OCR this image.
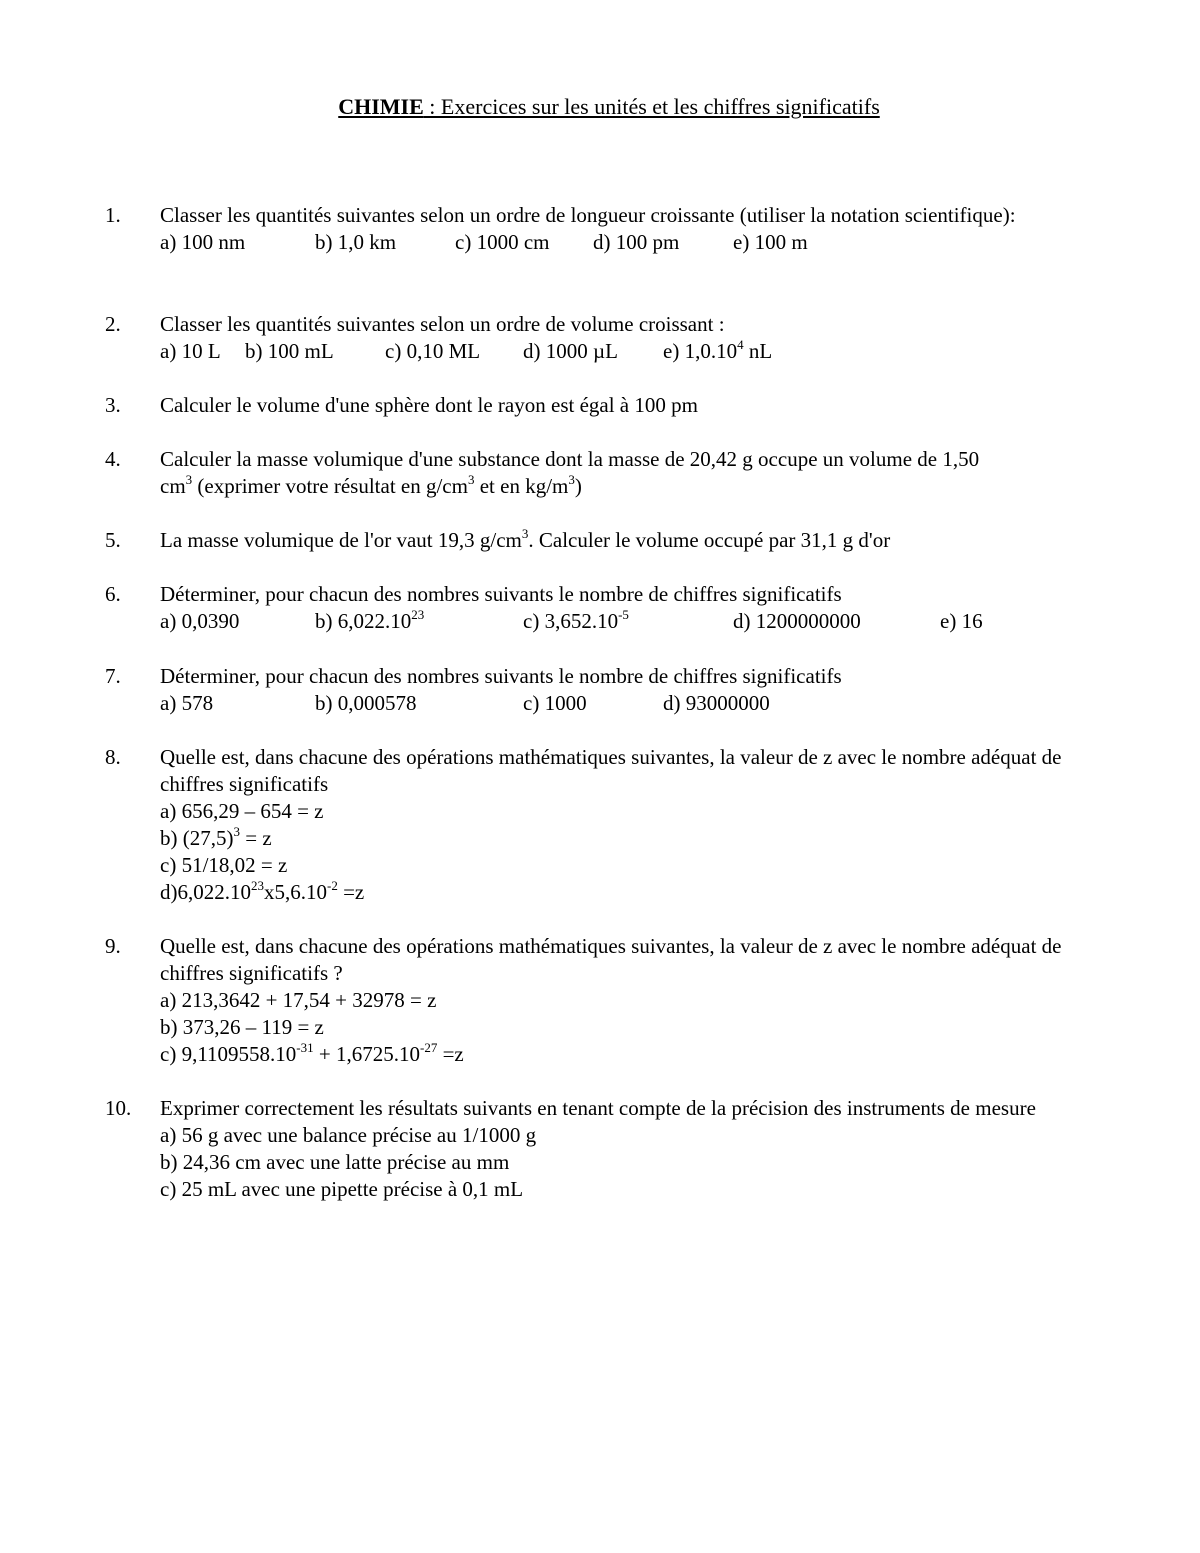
CHIMIE : Exercices sur les unités et les chiffres significatifs
1.	Classer les quantités suivantes selon un ordre de longueur croissante (utiliser la notation scientifique):
a) 100 nm	b) 1,0 km	c) 1000 cm d) 100 pm	e) 100 m
2.	Classer les quantités suivantes selon un ordre de volume croissant :
a) 10 L b) 100 mL c) 0,10 ML d) 1000 µL e) 1,0.10$^4$ nL
3.	Calculer le volume d'une sphère dont le rayon est égal à 100 pm
4.	Calculer la masse volumique d'une substance dont la masse de 20,42 g occupe un volume de 1,50
$cm^3$ (exprimer votre résultat en $g/cm^3$ et en $kg/m^3$)
5.	La masse volumique de l'or vaut 19,3 $g/cm^3$. Calculer le volume occupé par 31,1 g d'or
6.	Déterminer, pour chacun des nombres suivants le nombre de chiffres significatifs
a) 0,0390	b) 6,022.10$^{23}$	c) $3,652.10^{-5}$	d) 1200000000	e) 16
7.	Déterminer, pour chacun des nombres suivants le nombre de chiffres significatifs
a) 578	b) 0,000578	c) 1000	d) 93000000
8.	Quelle est, dans chacune des opérations mathématiques suivantes, la valeur de z avec le nombre adéquat de chiffres significatifs
a) 656,29 – 654 = z
b) $(27,5)^3 = z$
c) 51/18,02 = z
$d)6,022.10^{23}x5,6.10^{-2} =z$
9.	Quelle est, dans chacune des opérations mathématiques suivantes, la valeur de z avec le nombre adéquat de chiffres significatifs ?
a) 213,3642 + 17,54 + 32978 = z
b) 373,26 – 119 = z
c) $9,1109558.10^{-31} + 1,6725.10^{-27} =z$
10.	Exprimer correctement les résultats suivants en tenant compte de la précision des instruments de mesure
a) 56 g avec une balance précise au 1/1000 g
b) 24,36 cm avec une latte précise au mm
c) 25 mL avec une pipette précise à 0,1 mL
